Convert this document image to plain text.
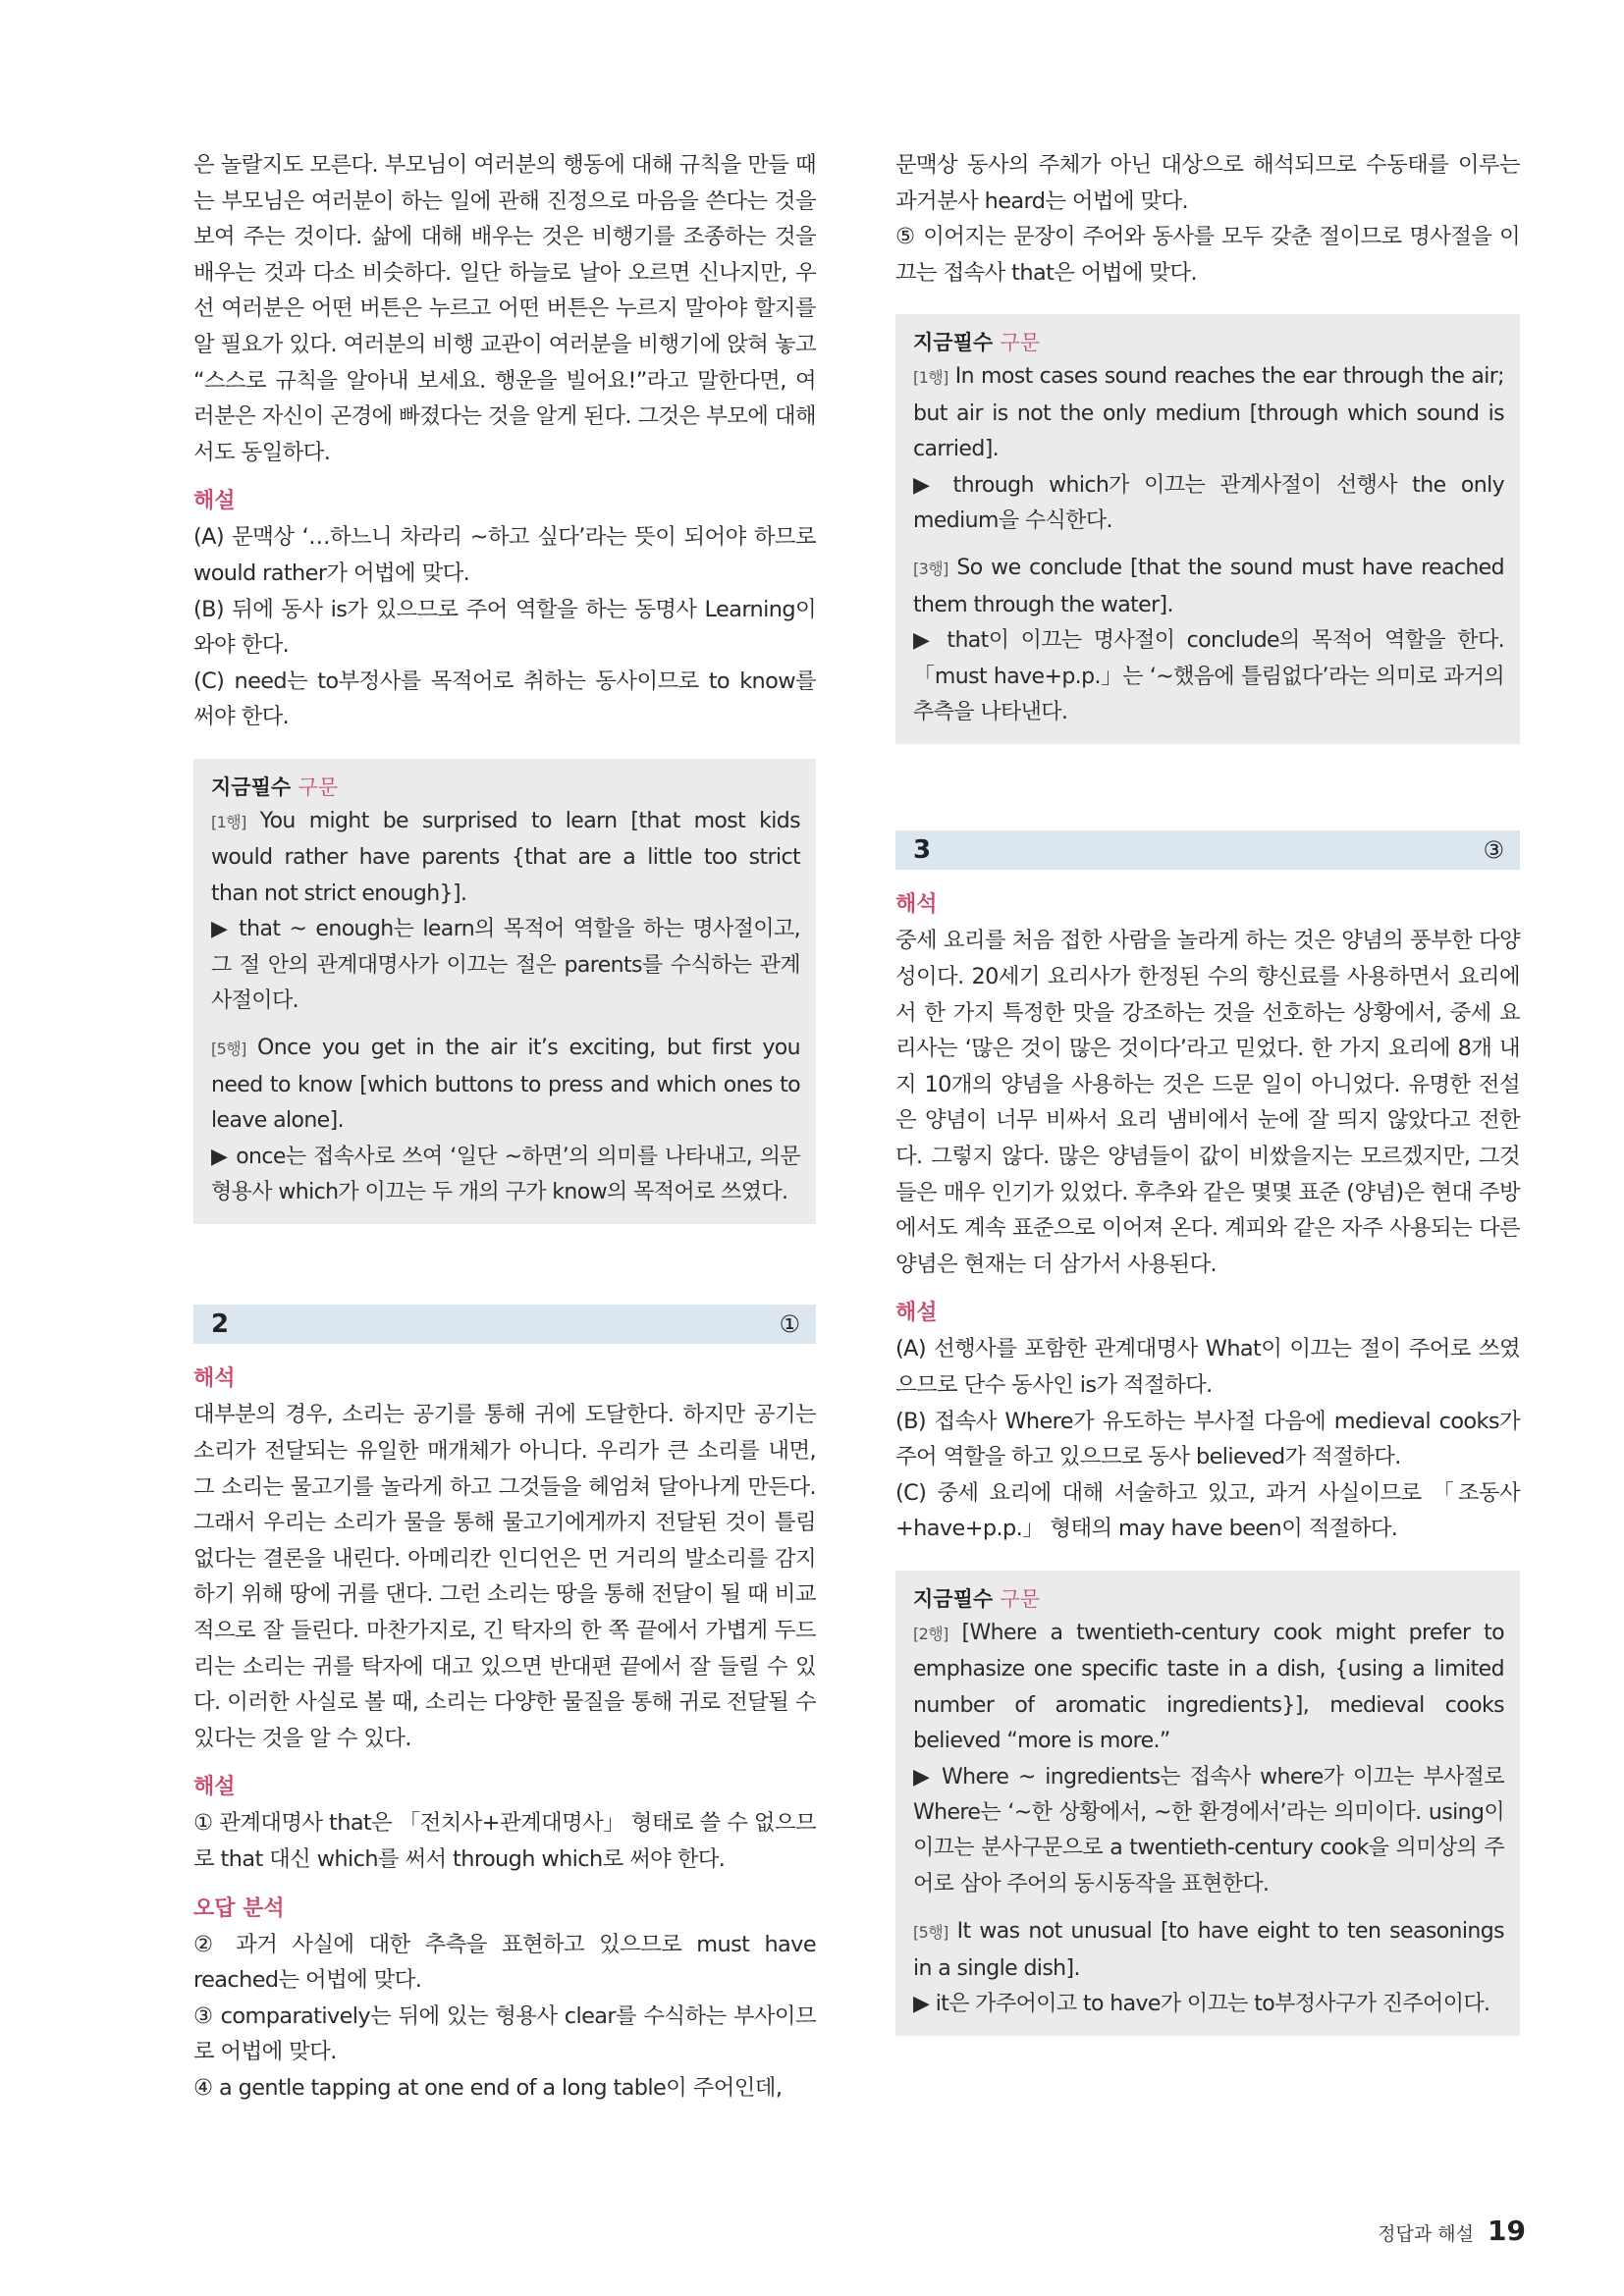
은 놀랄지도 모른다. 부모님이 여러분의 행동에 대해 규칙을 만들 때는 부모님은 여러분이 하는 일에 관해 진정으로 마음을 쓴다는 것을 보여 주는 것이다. 삶에 대해 배우는 것은 비행기를 조종하는 것을 배우는 것과 다소 비슷하다. 일단 하늘로 날아 오르면 신나지만, 우선 여러분은 어떤 버튼은 누르고 어떤 버튼은 누르지 말아야 할지를 알 필요가 있다. 여러분의 비행 교관이 여러분을 비행기에 앉혀 놓고 “스스로 규칙을 알아내 보세요. 행운을 빌어요!”라고 말한다면, 여러분은 자신이 곤경에 빠졌다는 것을 알게 된다. 그것은 부모에 대해서도 동일하다.

해설

(A) 문맥상 ‘…하느니 차라리 ~하고 싶다’라는 뜻이 되어야 하므로 would rather가 어법에 맞다.

(B) 뒤에 동사 is가 있으므로 주어 역할을 하는 동명사 Learning이 와야 한다.

(C) need는 to부정사를 목적어로 취하는 동사이므로 to know를 써야 한다.

지금필수 구문

[1행] You might be surprised to learn [that most kids would rather have parents {that are a little too strict than not strict enough}].

▶ that ~ enough는 learn의 목적어 역할을 하는 명사절이고, 그 절 안의 관계대명사가 이끄는 절은 parents를 수식하는 관계사절이다.

[5행] Once you get in the air it’s exciting, but first you need to know [which buttons to press and which ones to leave alone].

▶ once는 접속사로 쓰여 ‘일단 ~하면’의 의미를 나타내고, 의문형용사 which가 이끄는 두 개의 구가 know의 목적어로 쓰였다.

2	①
해석

대부분의 경우, 소리는 공기를 통해 귀에 도달한다. 하지만 공기는 소리가 전달되는 유일한 매개체가 아니다. 우리가 큰 소리를 내면, 그 소리는 물고기를 놀라게 하고 그것들을 헤엄쳐 달아나게 만든다. 그래서 우리는 소리가 물을 통해 물고기에게까지 전달된 것이 틀림없다는 결론을 내린다. 아메리칸 인디언은 먼 거리의 발소리를 감지하기 위해 땅에 귀를 댄다. 그런 소리는 땅을 통해 전달이 될 때 비교적으로 잘 들린다. 마찬가지로, 긴 탁자의 한 쪽 끝에서 가볍게 두드리는 소리는 귀를 탁자에 대고 있으면 반대편 끝에서 잘 들릴 수 있다. 이러한 사실로 볼 때, 소리는 다양한 물질을 통해 귀로 전달될 수 있다는 것을 알 수 있다.

해설

① 관계대명사 that은 「전치사+관계대명사」 형태로 쓸 수 없으므로 that 대신 which를 써서 through which로 써야 한다.

오답 분석

② 과거 사실에 대한 추측을 표현하고 있으므로 must have reached는 어법에 맞다.

③ comparatively는 뒤에 있는 형용사 clear를 수식하는 부사이므로 어법에 맞다.

④ a gentle tapping at one end of a long table이 주어인데,

문맥상 동사의 주체가 아닌 대상으로 해석되므로 수동태를 이루는 과거분사 heard는 어법에 맞다.

⑤ 이어지는 문장이 주어와 동사를 모두 갖춘 절이므로 명사절을 이끄는 접속사 that은 어법에 맞다.

지금필수 구문

[1행] In most cases sound reaches the ear through the air; but air is not the only medium [through which sound is carried].

▶ through which가 이끄는 관계사절이 선행사 the only medium을 수식한다.

[3행] So we conclude [that the sound must have reached them through the water].

▶ that이 이끄는 명사절이 conclude의 목적어 역할을 한다. 「must have+p.p.」는 ‘~했음에 틀림없다’라는 의미로 과거의 추측을 나타낸다.

3	③
해석

중세 요리를 처음 접한 사람을 놀라게 하는 것은 양념의 풍부한 다양성이다. 20세기 요리사가 한정된 수의 향신료를 사용하면서 요리에서 한 가지 특정한 맛을 강조하는 것을 선호하는 상황에서, 중세 요리사는 ‘많은 것이 많은 것이다’라고 믿었다. 한 가지 요리에 8개 내지 10개의 양념을 사용하는 것은 드문 일이 아니었다. 유명한 전설은 양념이 너무 비싸서 요리 냄비에서 눈에 잘 띄지 않았다고 전한다. 그렇지 않다. 많은 양념들이 값이 비쌌을지는 모르겠지만, 그것들은 매우 인기가 있었다. 후추와 같은 몇몇 표준 (양념)은 현대 주방에서도 계속 표준으로 이어져 온다. 계피와 같은 자주 사용되는 다른 양념은 현재는 더 삼가서 사용된다.

해설

(A) 선행사를 포함한 관계대명사 What이 이끄는 절이 주어로 쓰였으므로 단수 동사인 is가 적절하다.

(B) 접속사 Where가 유도하는 부사절 다음에 medieval cooks가 주어 역할을 하고 있으므로 동사 believed가 적절하다.

(C) 중세 요리에 대해 서술하고 있고, 과거 사실이므로 「조동사+have+p.p.」 형태의 may have been이 적절하다.

지금필수 구문

[2행] [Where a twentieth-century cook might prefer to emphasize one specific taste in a dish, {using a limited number of aromatic ingredients}], medieval cooks believed “more is more.”

▶ Where ~ ingredients는 접속사 where가 이끄는 부사절로 Where는 ‘~한 상황에서, ~한 환경에서’라는 의미이다. using이 이끄는 분사구문으로 a twentieth-century cook을 의미상의 주어로 삼아 주어의 동시동작을 표현한다.

[5행] It was not unusual [to have eight to ten seasonings in a single dish].

▶ it은 가주어이고 to have가 이끄는 to부정사구가 진주어이다.

정답과 해설 19
